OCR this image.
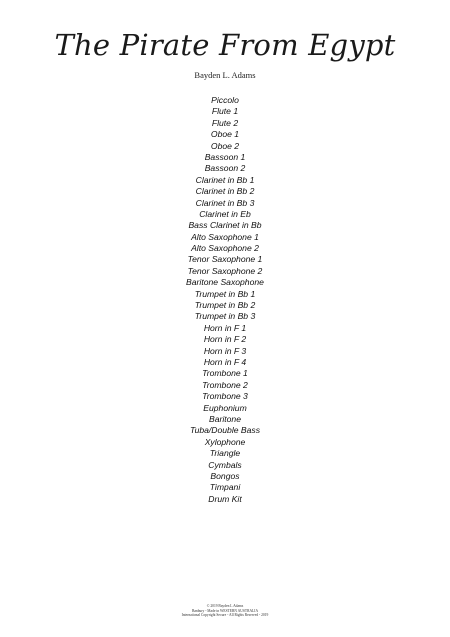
The Pirate From Egypt
Bayden L. Adams
Piccolo
Flute 1
Flute 2
Oboe 1
Oboe 2
Bassoon 1
Bassoon 2
Clarinet in Bb 1
Clarinet in Bb 2
Clarinet in Bb 3
Clarinet in Eb
Bass Clarinet in Bb
Alto Saxophone 1
Alto Saxophone 2
Tenor Saxophone 1
Tenor Saxophone 2
Baritone Saxophone
Trumpet in Bb 1
Trumpet in Bb 2
Trumpet in Bb 3
Horn in F 1
Horn in F 2
Horn in F 3
Horn in F 4
Trombone 1
Trombone 2
Trombone 3
Euphonium
Baritone
Tuba/Double Bass
Xylophone
Triangle
Cymbals
Bongos
Timpani
Drum Kit
© 2019 Bayden L Adams
Banbury - Made in WESTERN AUSTRALIA
International Copyright Secure - All Rights Reserved - 2019
